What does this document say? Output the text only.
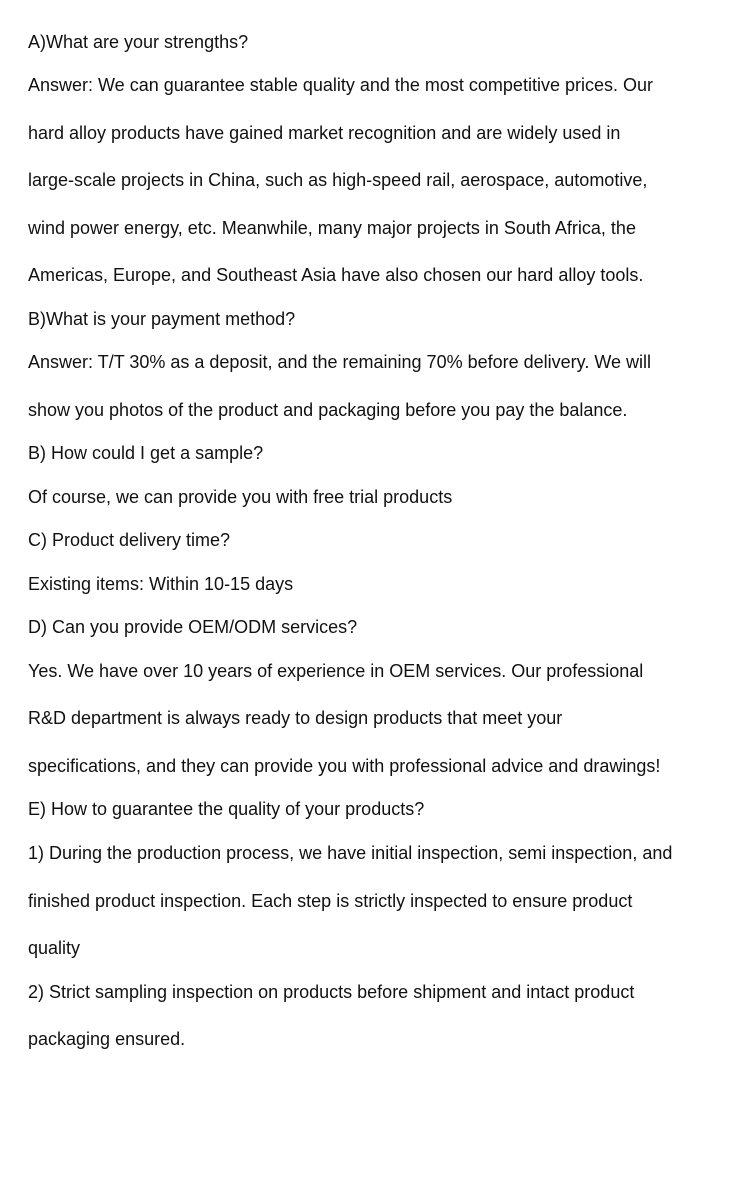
A)What are your strengths?

Answer: We can guarantee stable quality and the most competitive prices. Our

hard alloy products have gained market recognition and are widely used in

large-scale projects in China, such as high-speed rail, aerospace, automotive,

wind power energy, etc. Meanwhile, many major projects in South Africa, the

Americas, Europe, and Southeast Asia have also chosen our hard alloy tools.

B)What is your payment method?

Answer: T/T 30% as a deposit, and the remaining 70% before delivery. We will

show you photos of the product and packaging before you pay the balance.

B) How could I get a sample?

Of course, we can provide you with free trial products

C) Product delivery time?

Existing items: Within 10-15 days

D) Can you provide OEM/ODM services?

Yes. We have over 10 years of experience in OEM services. Our professional

R&D department is always ready to design products that meet your

specifications, and they can provide you with professional advice and drawings!

E) How to guarantee the quality of your products?

1) During the production process, we have initial inspection, semi inspection, and

finished product inspection. Each step is strictly inspected to ensure product

quality

2) Strict sampling inspection on products before shipment and intact product

packaging ensured.
